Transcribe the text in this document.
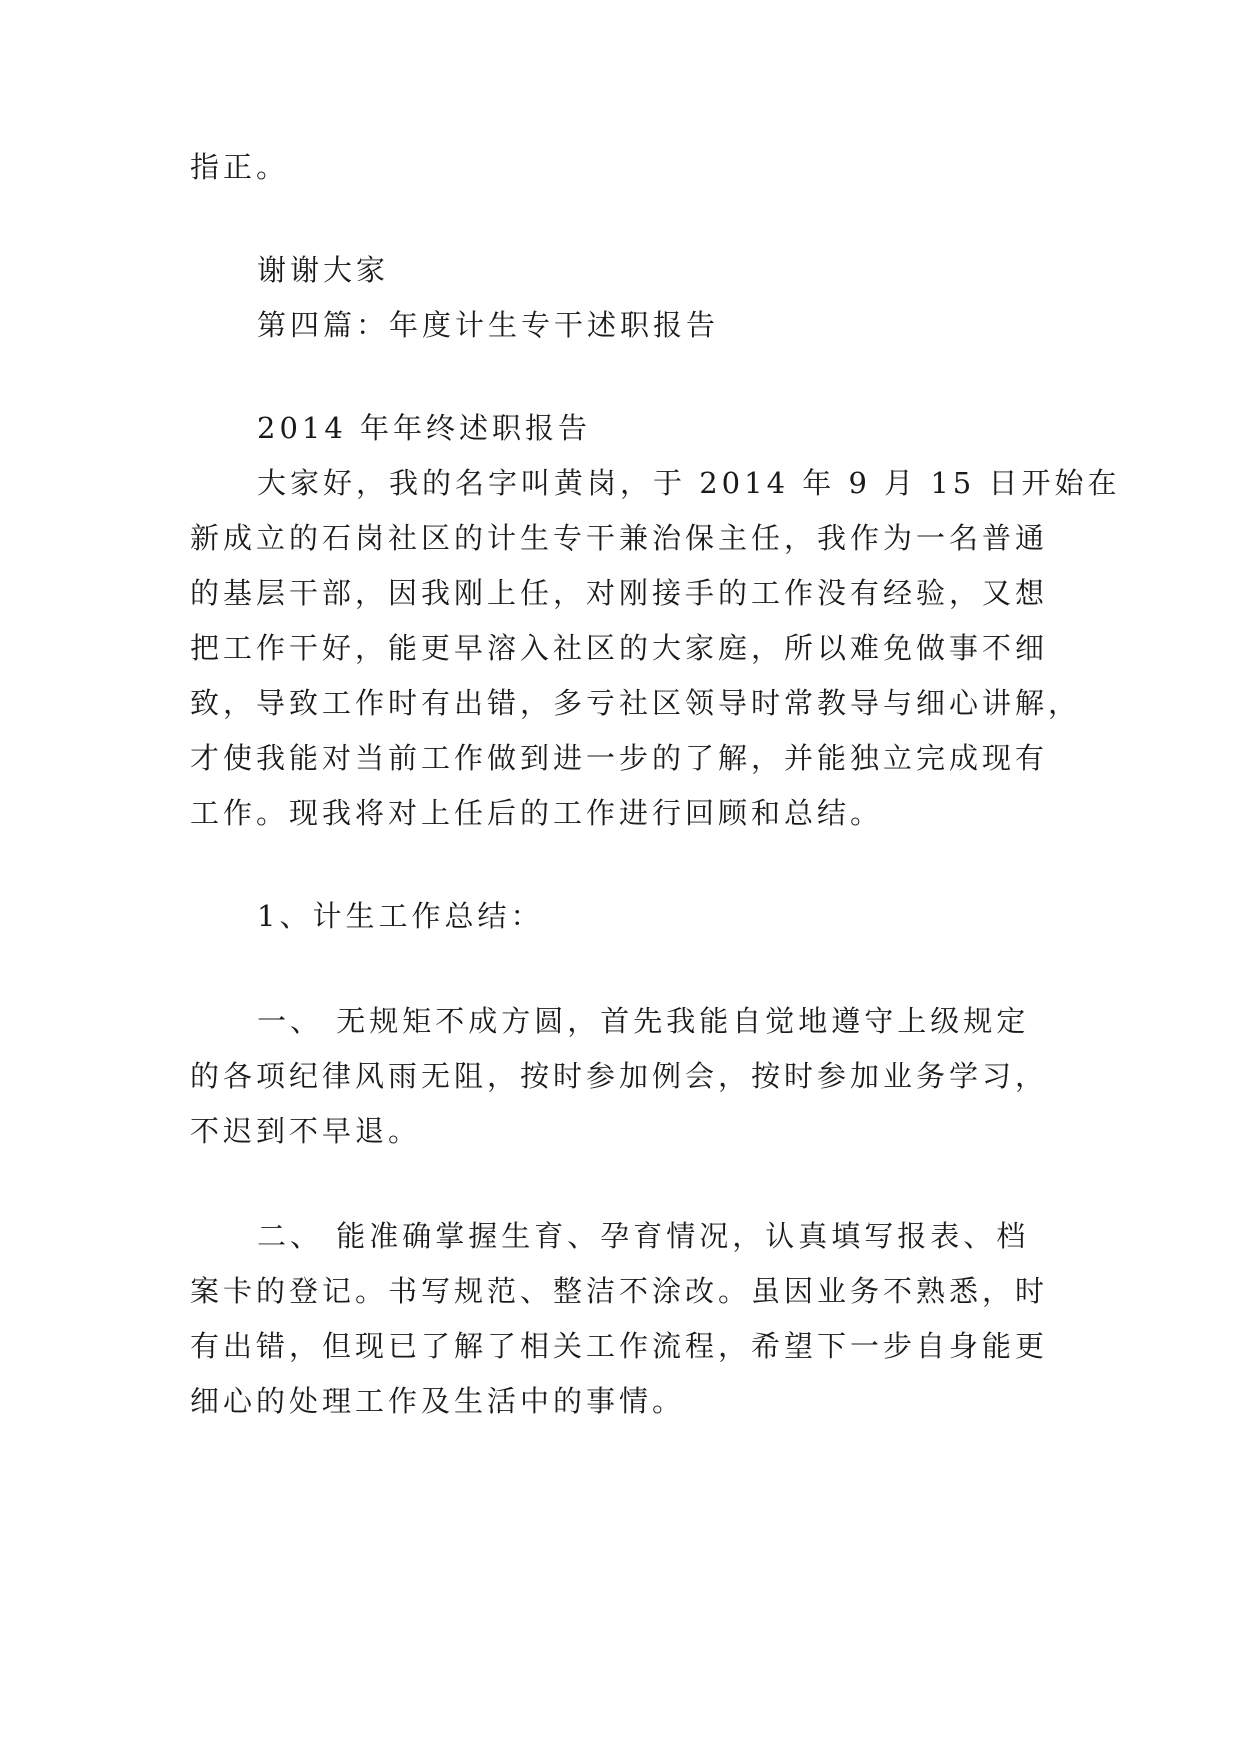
指正。
谢谢大家
第四篇：年度计生专干述职报告
2014 年年终述职报告
大家好，我的名字叫黄岗，于 2014 年 9 月 15 日开始在
新成立的石岗社区的计生专干兼治保主任，我作为一名普通
的基层干部，因我刚上任，对刚接手的工作没有经验，又想
把工作干好，能更早溶入社区的大家庭，所以难免做事不细
致，导致工作时有出错，多亏社区领导时常教导与细心讲解，
才使我能对当前工作做到进一步的了解，并能独立完成现有
工作。现我将对上任后的工作进行回顾和总结。
1、计生工作总结：
一、 无规矩不成方圆，首先我能自觉地遵守上级规定
的各项纪律风雨无阻，按时参加例会，按时参加业务学习，
不迟到不早退。
二、 能准确掌握生育、孕育情况，认真填写报表、档
案卡的登记。书写规范、整洁不涂改。虽因业务不熟悉，时
有出错，但现已了解了相关工作流程，希望下一步自身能更
细心的处理工作及生活中的事情。
